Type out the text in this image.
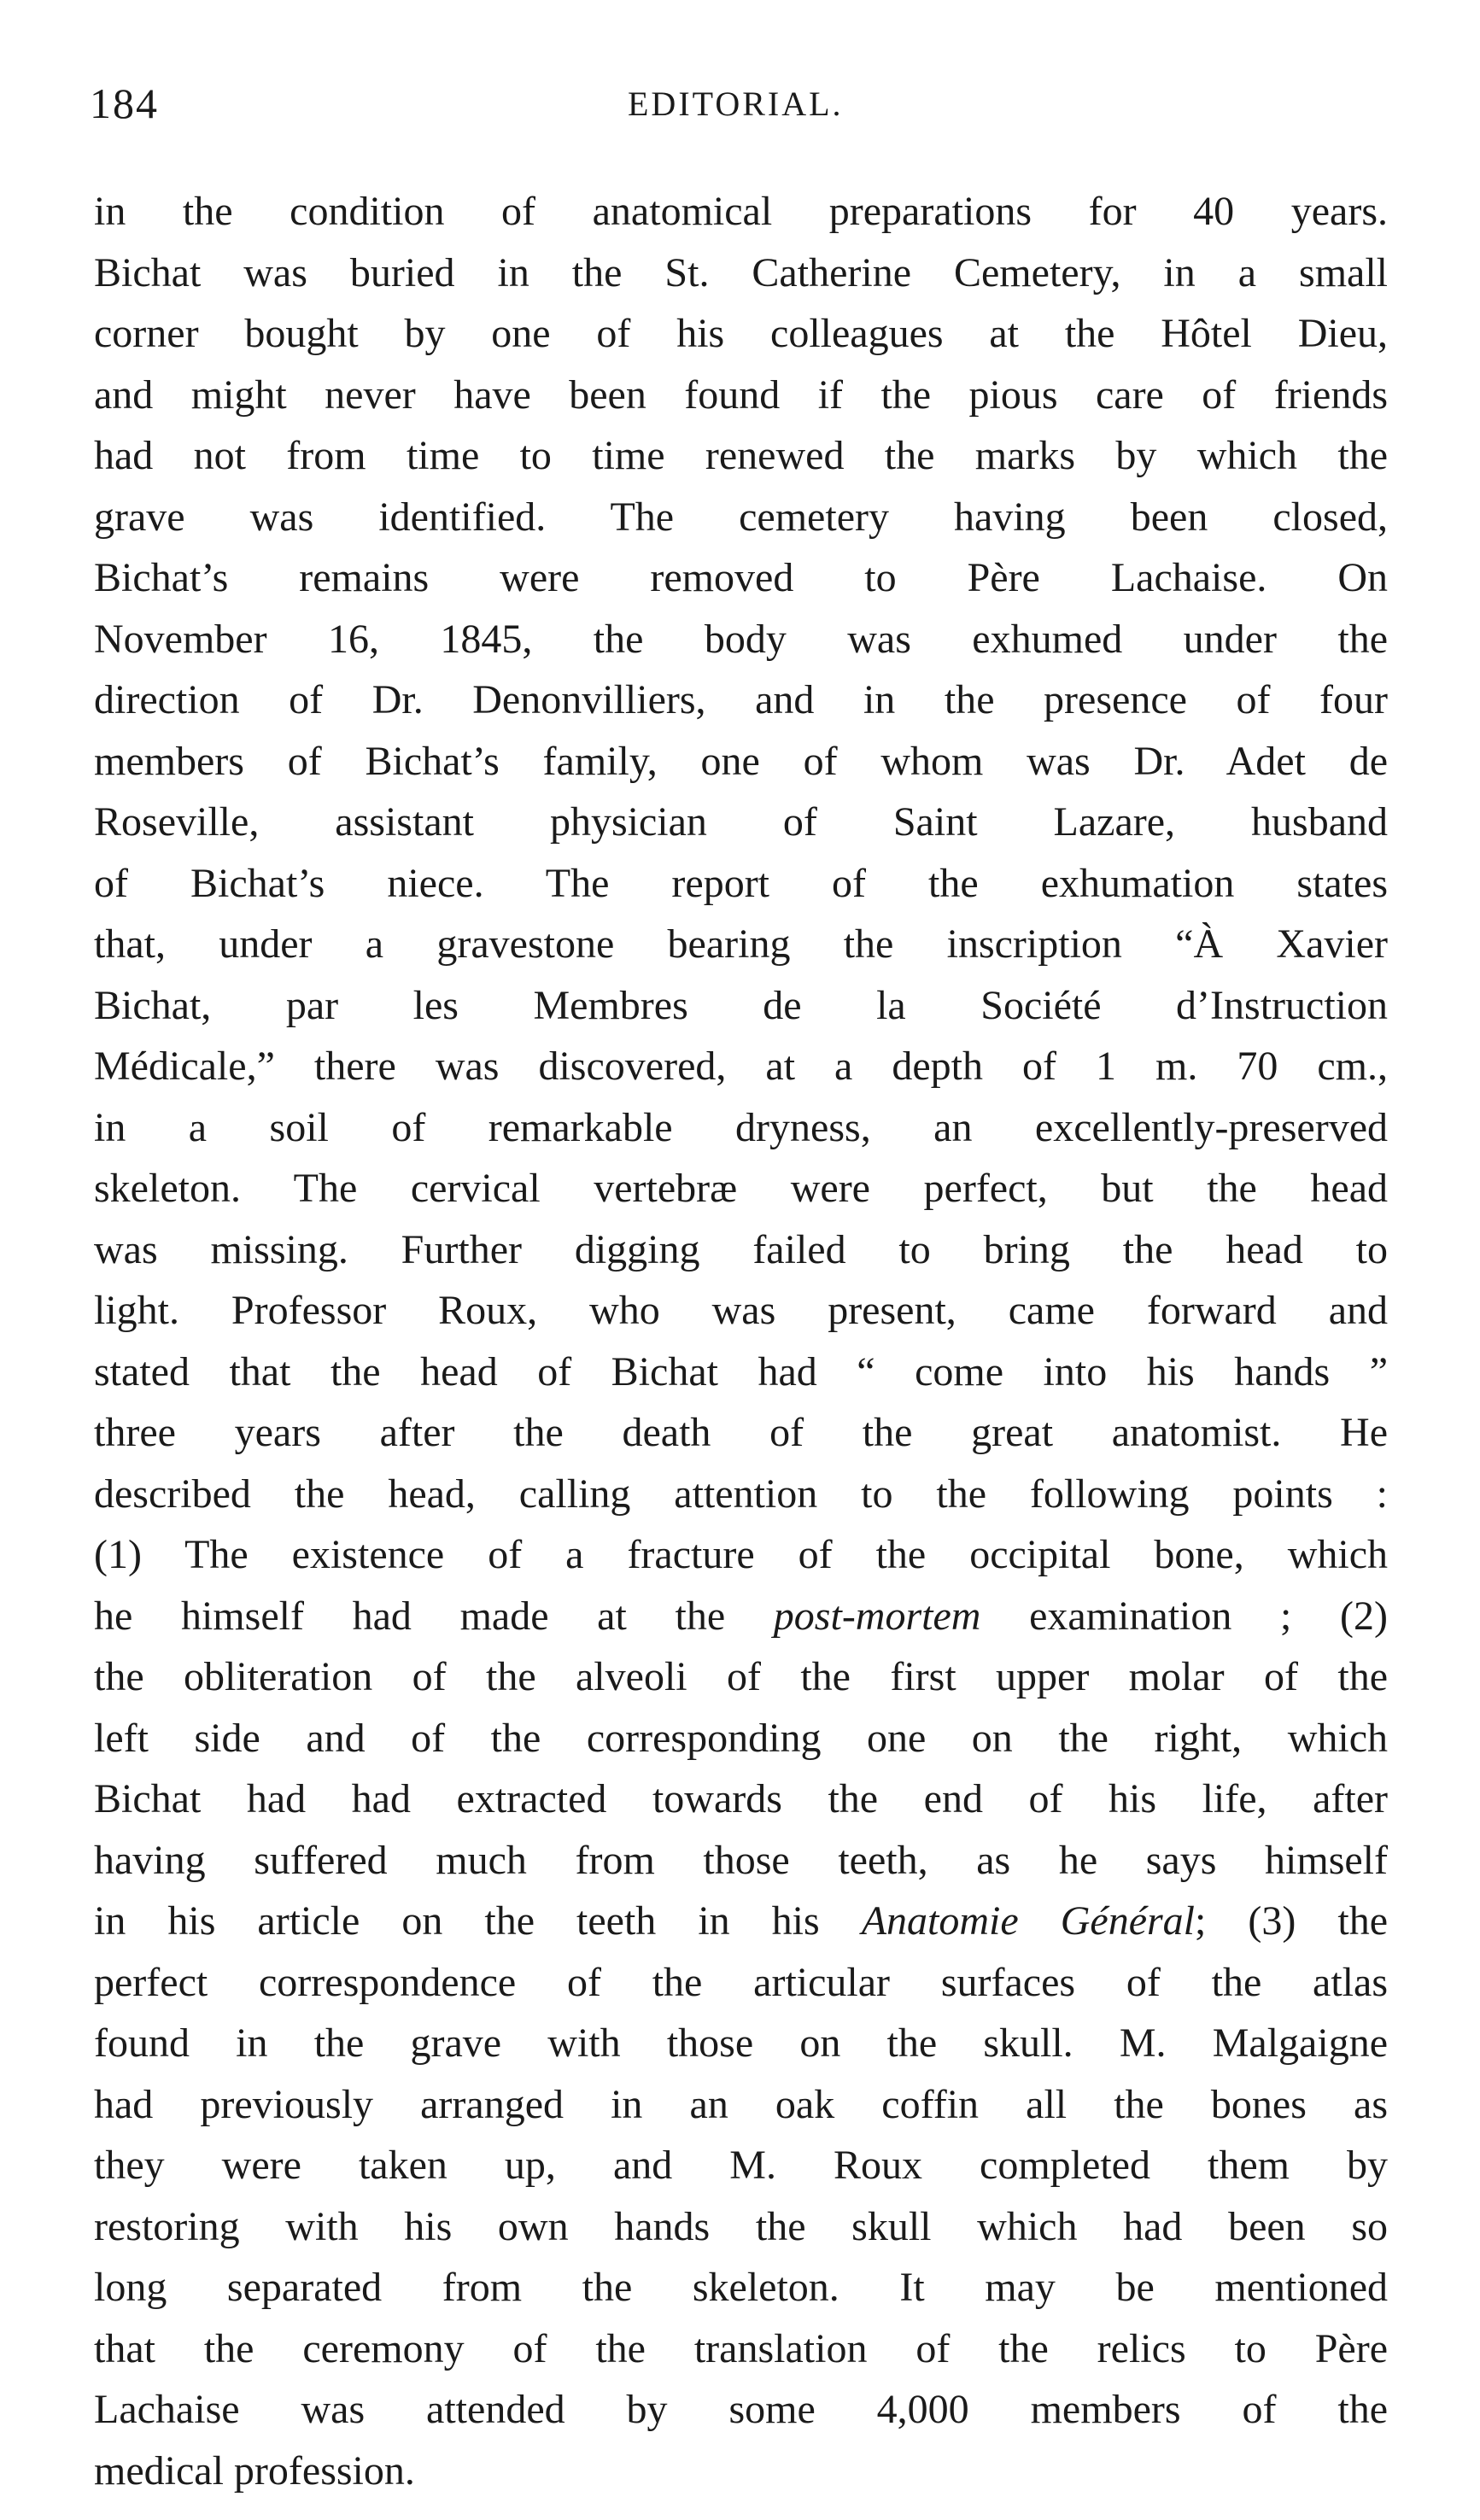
184	EDITORIAL.
in the condition of anatomical preparations for 40 years.
Bichat was buried in the St. Catherine Cemetery, in a small
corner bought by one of his colleagues at the Hôtel Dieu,
and might never have been found if the pious care of friends
had not from time to time renewed the marks by which the
grave was identified. The cemetery having been closed,
Bichat’s remains were removed to Père Lachaise. On
November 16, 1845, the body was exhumed under the
direction of Dr. Denonvilliers, and in the presence of four
members of Bichat’s family, one of whom was Dr. Adet de
Roseville, assistant physician of Saint Lazare, husband
of Bichat’s niece. The report of the exhumation states
that, under a gravestone bearing the inscription “À Xavier
Bichat, par les Membres de la Société d’Instruction
Médicale,” there was discovered, at a depth of 1 m. 70 cm.,
in a soil of remarkable dryness, an excellently-preserved
skeleton. The cervical vertebræ were perfect, but the head
was missing. Further digging failed to bring the head to
light. Professor Roux, who was present, came forward and
stated that the head of Bichat had “ come into his hands ”
three years after the death of the great anatomist. He
described the head, calling attention to the following points :
(1) The existence of a fracture of the occipital bone, which
he himself had made at the post-mortem examination ; (2)
the obliteration of the alveoli of the first upper molar of the
left side and of the corresponding one on the right, which
Bichat had had extracted towards the end of his life, after
having suffered much from those teeth, as he says himself
in his article on the teeth in his Anatomie Général; (3) the
perfect correspondence of the articular surfaces of the atlas
found in the grave with those on the skull. M. Malgaigne
had previously arranged in an oak coffin all the bones as
they were taken up, and M. Roux completed them by
restoring with his own hands the skull which had been so
long separated from the skeleton. It may be mentioned
that the ceremony of the translation of the relics to Père
Lachaise was attended by some 4,000 members of the
medical profession.
